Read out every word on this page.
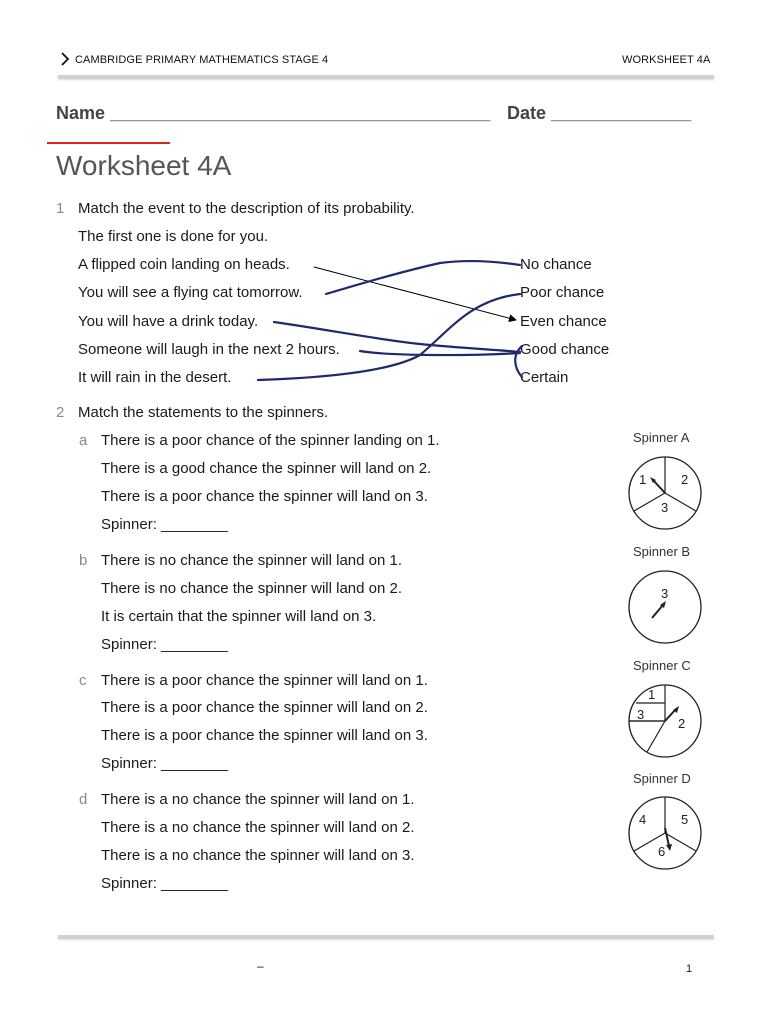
CAMBRIDGE PRIMARY MATHEMATICS STAGE 4	WORKSHEET 4A
Name ______________________________________ Date ______________
Worksheet 4A
1 Match the event to the description of its probability.
The first one is done for you.
A flipped coin landing on heads.
You will see a flying cat tomorrow.
You will have a drink today.
Someone will laugh in the next 2 hours.
It will rain in the desert.
No chance
Poor chance
Even chance
Good chance
Certain
2 Match the statements to the spinners.
a There is a poor chance of the spinner landing on 1.
There is a good chance the spinner will land on 2.
There is a poor chance the spinner will land on 3.
Spinner: ________
b There is no chance the spinner will land on 1.
There is no chance the spinner will land on 2.
It is certain that the spinner will land on 3.
Spinner: ________
c There is a poor chance the spinner will land on 1.
There is a poor chance the spinner will land on 2.
There is a poor chance the spinner will land on 3.
Spinner: ________
d There is a no chance the spinner will land on 1.
There is a no chance the spinner will land on 2.
There is a no chance the spinner will land on 3.
Spinner: ________
Spinner A
1	2
3
Spinner B
3
Spinner C
1
3
2
Spinner D
4	5
6
–	1
